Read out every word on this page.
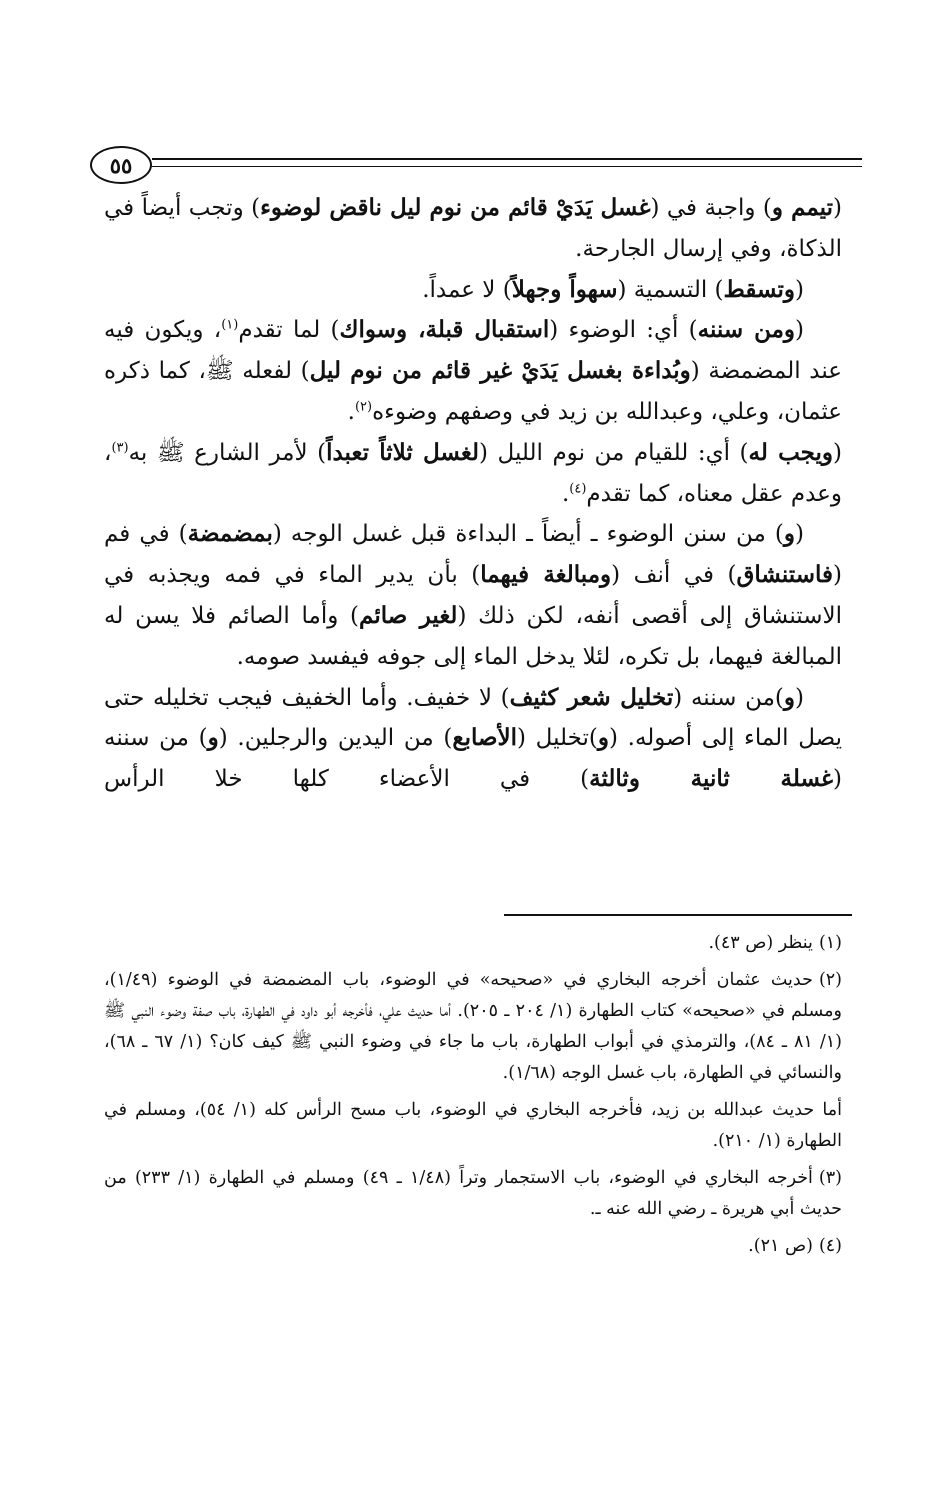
٥٥

(تيمم و) واجبة في (غسل يَدَيْ قائم من نوم ليل ناقض لوضوء) وتجب أيضاً في الذكاة، وفي إرسال الجارحة.

(وتسقط) التسمية (سهواً وجهلاً) لا عمداً.

(ومن سننه) أي: الوضوء (استقبال قبلة، وسواك) لما تقدم$^{(١)}$، ويكون فيه عند المضمضة (وبُداءة بغسل يَدَيْ غير قائم من نوم ليل) لفعله ﷺ، كما ذكره عثمان، وعلي، وعبدالله بن زيد في وصفهم وضوءه$^{(٢)}$.

(ويجب له) أي: للقيام من نوم الليل (لغسل ثلاثاً تعبداً) لأمر الشارع ﷺ به$^{(٣)}$، وعدم عقل معناه، كما تقدم$^{(٤)}$.

(و) من سنن الوضوء ـ أيضاً ـ البداءة قبل غسل الوجه (بمضمضة) في فم (فاستنشاق) في أنف (ومبالغة فيهما) بأن يدير الماء في فمه ويجذبه في الاستنشاق إلى أقصى أنفه، لكن ذلك (لغير صائم) وأما الصائم فلا يسن له المبالغة فيهما، بل تكره، لئلا يدخل الماء إلى جوفه فيفسد صومه.

(و)من سننه (تخليل شعر كثيف) لا خفيف. وأما الخفيف فيجب تخليله حتى يصل الماء إلى أصوله. (و)تخليل (الأصابع) من اليدين والرجلين. (و) من سننه (غسلة ثانية وثالثة) في الأعضاء كلها خلا الرأس

(١)ينظر (ص ٤٣).

(٢)حديث عثمان أخرجه البخاري في «صحيحه» في الوضوء، باب المضمضة في الوضوء (١/٤٩)، ومسلم في «صحيحه» كتاب الطهارة (١/ ٢٠٤ ـ ٢٠٥). أما حديث علي، فأخرجه أبو داود في الطهارة، باب صفة وضوء النبي ﷺ (١/ ٨١ ـ ٨٤)، والترمذي في أبواب الطهارة، باب ما جاء في وضوء النبي ﷺ كيف كان؟ (١/ ٦٧ ـ ٦٨)، والنسائي في الطهارة، باب غسل الوجه (١/٦٨).

أما حديث عبدالله بن زيد، فأخرجه البخاري في الوضوء، باب مسح الرأس كله (١/ ٥٤)، ومسلم في الطهارة (١/ ٢١٠).

(٣)أخرجه البخاري في الوضوء، باب الاستجمار وتراً (١/٤٨ ـ ٤٩) ومسلم في الطهارة (١/ ٢٣٣) من حديث أبي هريرة ـ رضي الله عنه ـ.

(٤)(ص ٢١).
